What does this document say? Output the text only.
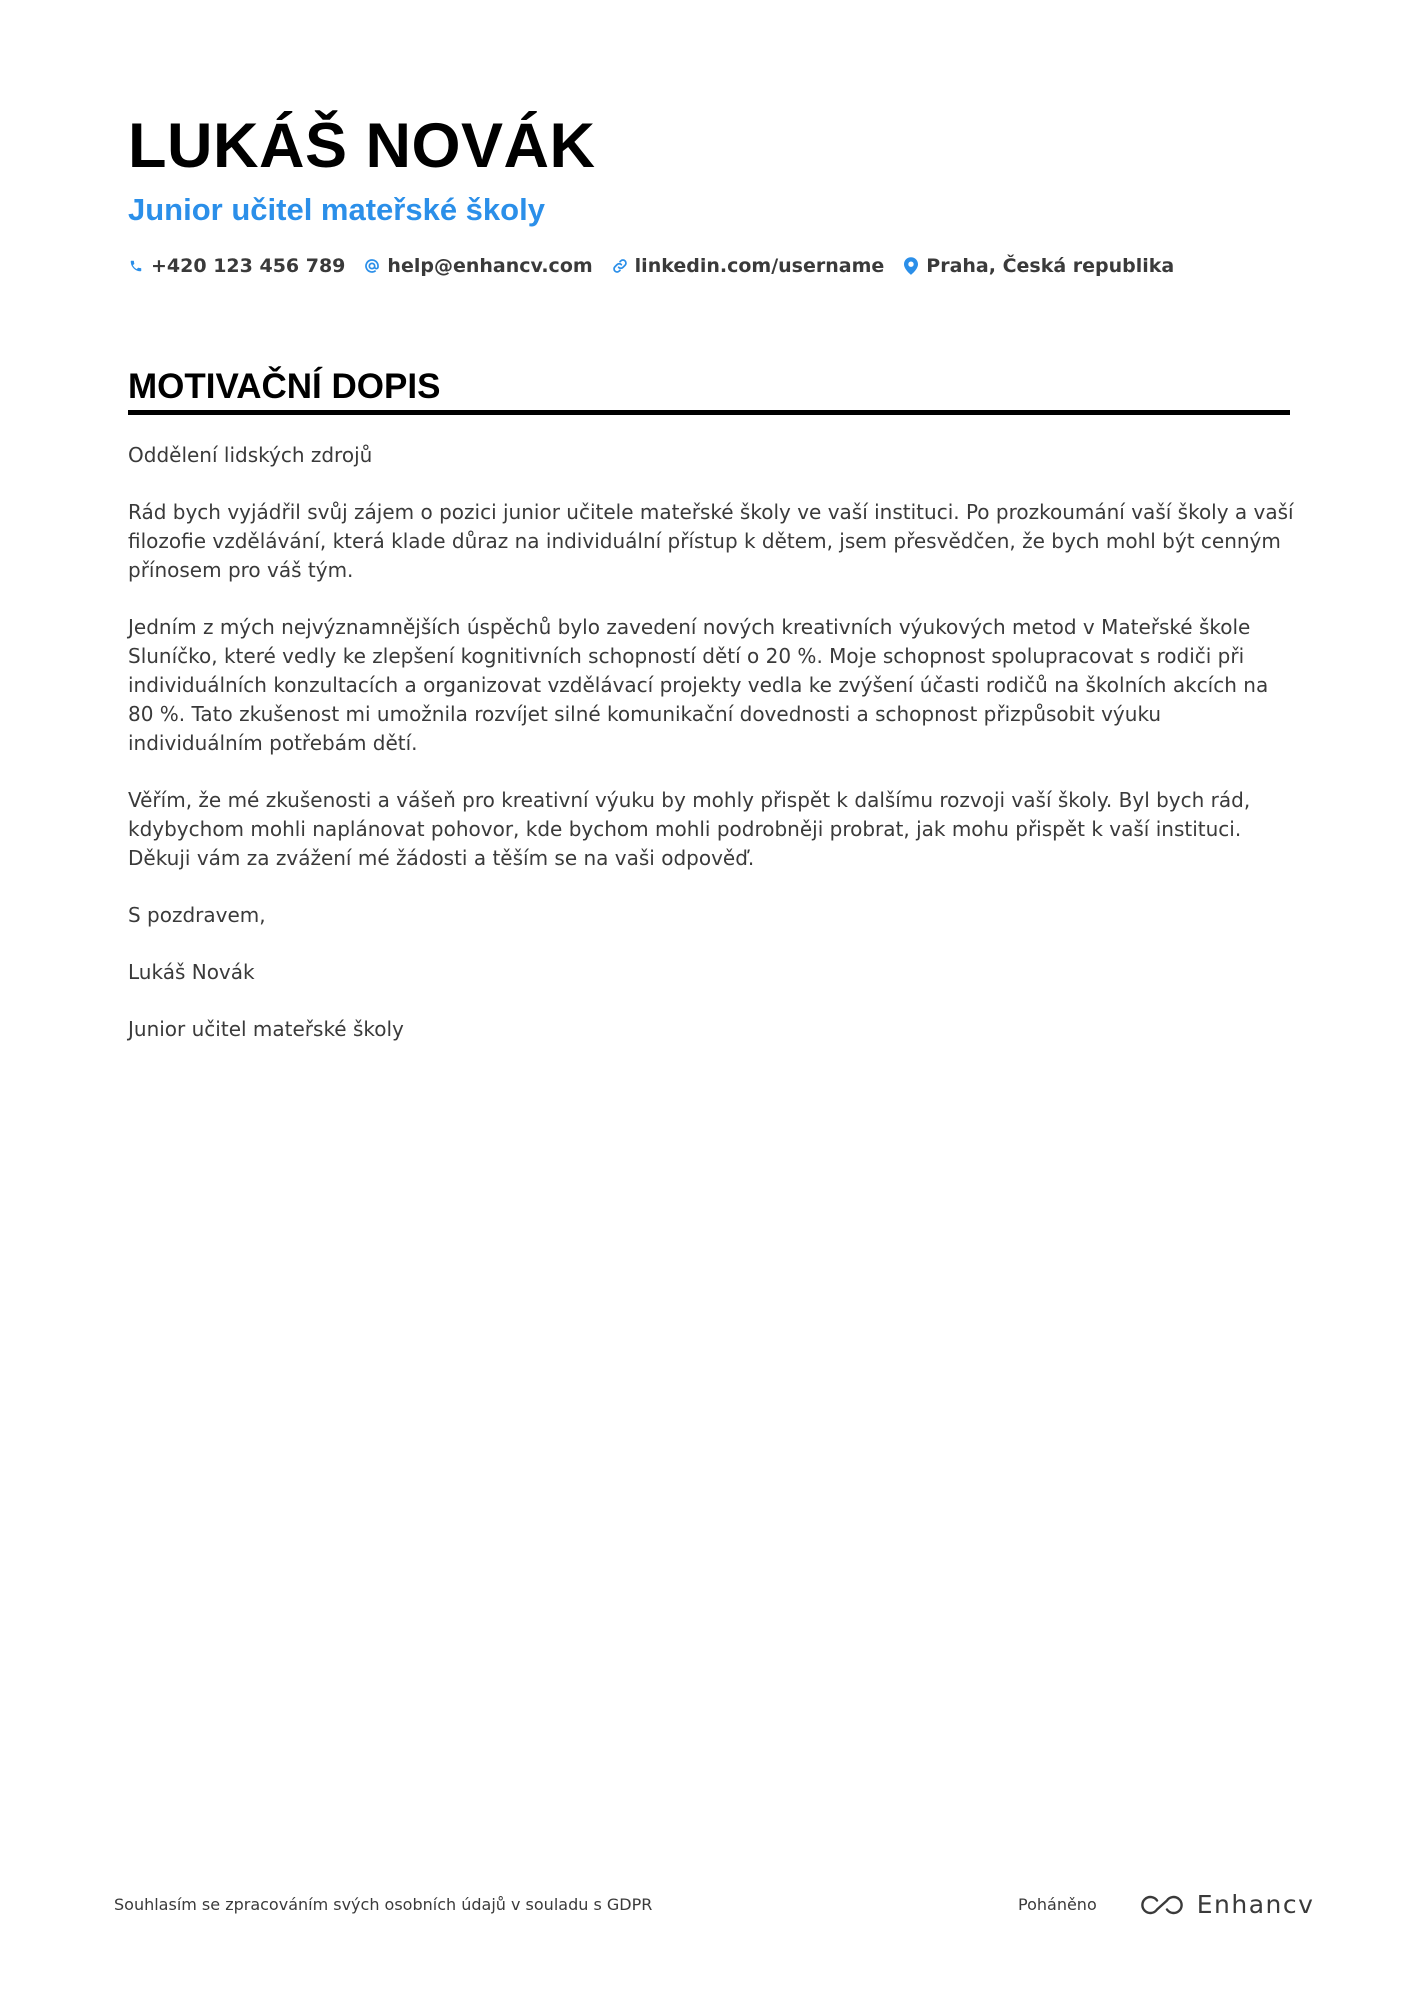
LUKÁŠ NOVÁK
Junior učitel mateřské školy
+420 123 456 789 help@enhancv.com linkedin.com/username Praha, Česká republika
MOTIVAČNÍ DOPIS

Oddělení lidských zdrojů

Rád bych vyjádřil svůj zájem o pozici junior učitele mateřské školy ve vaší instituci. Po prozkoumání vaší školy a vaší filozofie vzdělávání, která klade důraz na individuální přístup k dětem, jsem přesvědčen, že bych mohl být cenným přínosem pro váš tým.

Jedním z mých nejvýznamnějších úspěchů bylo zavedení nových kreativních výukových metod v Mateřské škole Sluníčko, které vedly ke zlepšení kognitivních schopností dětí o 20 %. Moje schopnost spolupracovat s rodiči při individuálních konzultacích a organizovat vzdělávací projekty vedla ke zvýšení účasti rodičů na školních akcích na 80 %. Tato zkušenost mi umožnila rozvíjet silné komunikační dovednosti a schopnost přizpůsobit výuku individuálním potřebám dětí.

Věřím, že mé zkušenosti a vášeň pro kreativní výuku by mohly přispět k dalšímu rozvoji vaší školy. Byl bych rád, kdybychom mohli naplánovat pohovor, kde bychom mohli podrobněji probrat, jak mohu přispět k vaší instituci. Děkuji vám za zvážení mé žádosti a těším se na vaši odpověď.

S pozdravem,

Lukáš Novák

Junior učitel mateřské školy

Souhlasím se zpracováním svých osobních údajů v souladu s GDPR	Poháněno	Enhancv
